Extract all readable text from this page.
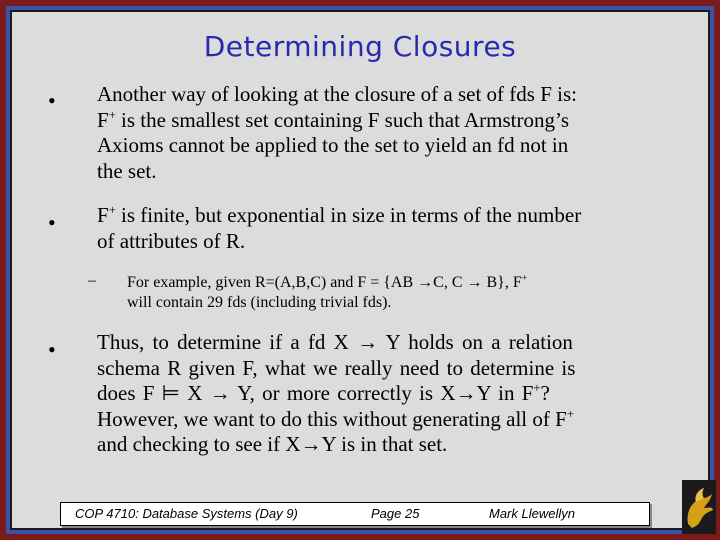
Determining Closures
• Another way of looking at the closure of a set of fds F is:
F+ is the smallest set containing F such that Armstrong’s
Axioms cannot be applied to the set to yield an fd not in
the set.
• F+ is finite, but exponential in size in terms of the number
of attributes of R.
– For example, given R=(A,B,C) and F = {AB →C, C → B}, F+
will contain 29 fds (including trivial fds).
• Thus, to determine if a fd X → Y holds on a relation
schema R given F, what we really need to determine is
does F ⊨ X → Y, or more correctly is X→Y in F+?
However, we want to do this without generating all of F+
and checking to see if X→Y is in that set.
COP 4710: Database Systems (Day 9)	Page 25	Mark Llewellyn
